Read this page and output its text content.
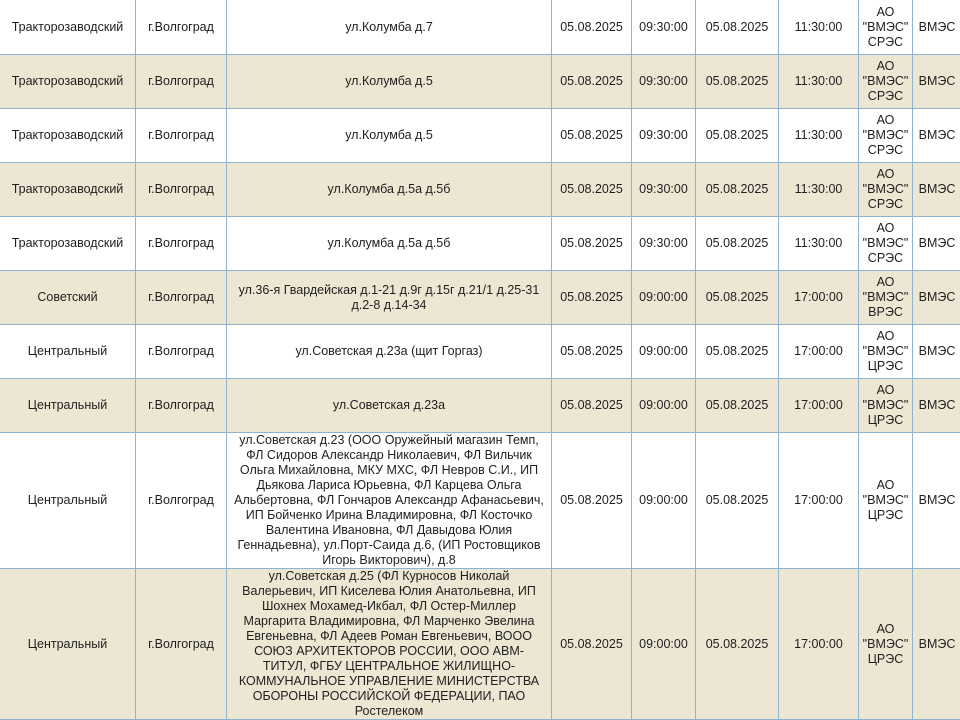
Тракторозаводский	г.Волгоград	ул.Колумба д.7	05.08.2025	09:30:00	05.08.2025	11:30:00	АО "ВМЭС" СРЭС	ВМЭС
Тракторозаводский	г.Волгоград	ул.Колумба д.5	05.08.2025	09:30:00	05.08.2025	11:30:00	АО "ВМЭС" СРЭС	ВМЭС
Тракторозаводский	г.Волгоград	ул.Колумба д.5	05.08.2025	09:30:00	05.08.2025	11:30:00	АО "ВМЭС" СРЭС	ВМЭС
Тракторозаводский	г.Волгоград	ул.Колумба д.5а д.5б	05.08.2025	09:30:00	05.08.2025	11:30:00	АО "ВМЭС" СРЭС	ВМЭС
Тракторозаводский	г.Волгоград	ул.Колумба д.5а д.5б	05.08.2025	09:30:00	05.08.2025	11:30:00	АО "ВМЭС" СРЭС	ВМЭС
Советский	г.Волгоград	ул.36-я Гвардейская д.1-21 д.9г д.15г д.21/1 д.25-31 д.2-8 д.14-34	05.08.2025	09:00:00	05.08.2025	17:00:00	АО "ВМЭС" ВРЭС	ВМЭС
Центральный	г.Волгоград	ул.Советская д.23а (щит Горгаз)	05.08.2025	09:00:00	05.08.2025	17:00:00	АО "ВМЭС" ЦРЭС	ВМЭС
Центральный	г.Волгоград	ул.Советская д.23а	05.08.2025	09:00:00	05.08.2025	17:00:00	АО "ВМЭС" ЦРЭС	ВМЭС
Центральный	г.Волгоград	ул.Советская д.23 (ООО Оружейный магазин Темп, ФЛ Сидоров Александр Николаевич, ФЛ Вильчик Ольга Михайловна, МКУ МХС, ФЛ Невров С.И., ИП Дьякова Лариса Юрьевна, ФЛ Карцева Ольга Альбертовна, ФЛ Гончаров Александр Афанасьевич, ИП Бойченко Ирина Владимировна, ФЛ Косточко Валентина Ивановна, ФЛ Давыдова Юлия Геннадьевна), ул.Порт-Саида д.6, (ИП Ростовщиков Игорь Викторович), д.8	05.08.2025	09:00:00	05.08.2025	17:00:00	АО "ВМЭС" ЦРЭС	ВМЭС
Центральный	г.Волгоград	ул.Советская д.25 (ФЛ Курносов Николай Валерьевич, ИП Киселева Юлия Анатольевна, ИП Шохнех Мохамед-Икбал, ФЛ Остер-Миллер Маргарита Владимировна, ФЛ Марченко Эвелина Евгеньевна, ФЛ Адеев Роман Евгеньевич, ВООО СОЮЗ АРХИТЕКТОРОВ РОССИИ, ООО АВМ-ТИТУЛ, ФГБУ ЦЕНТРАЛЬНОЕ ЖИЛИЩНО-КОММУНАЛЬНОЕ УПРАВЛЕНИЕ МИНИСТЕРСТВА ОБОРОНЫ РОССИЙСКОЙ ФЕДЕРАЦИИ, ПАО Ростелеком	05.08.2025	09:00:00	05.08.2025	17:00:00	АО "ВМЭС" ЦРЭС	ВМЭС
